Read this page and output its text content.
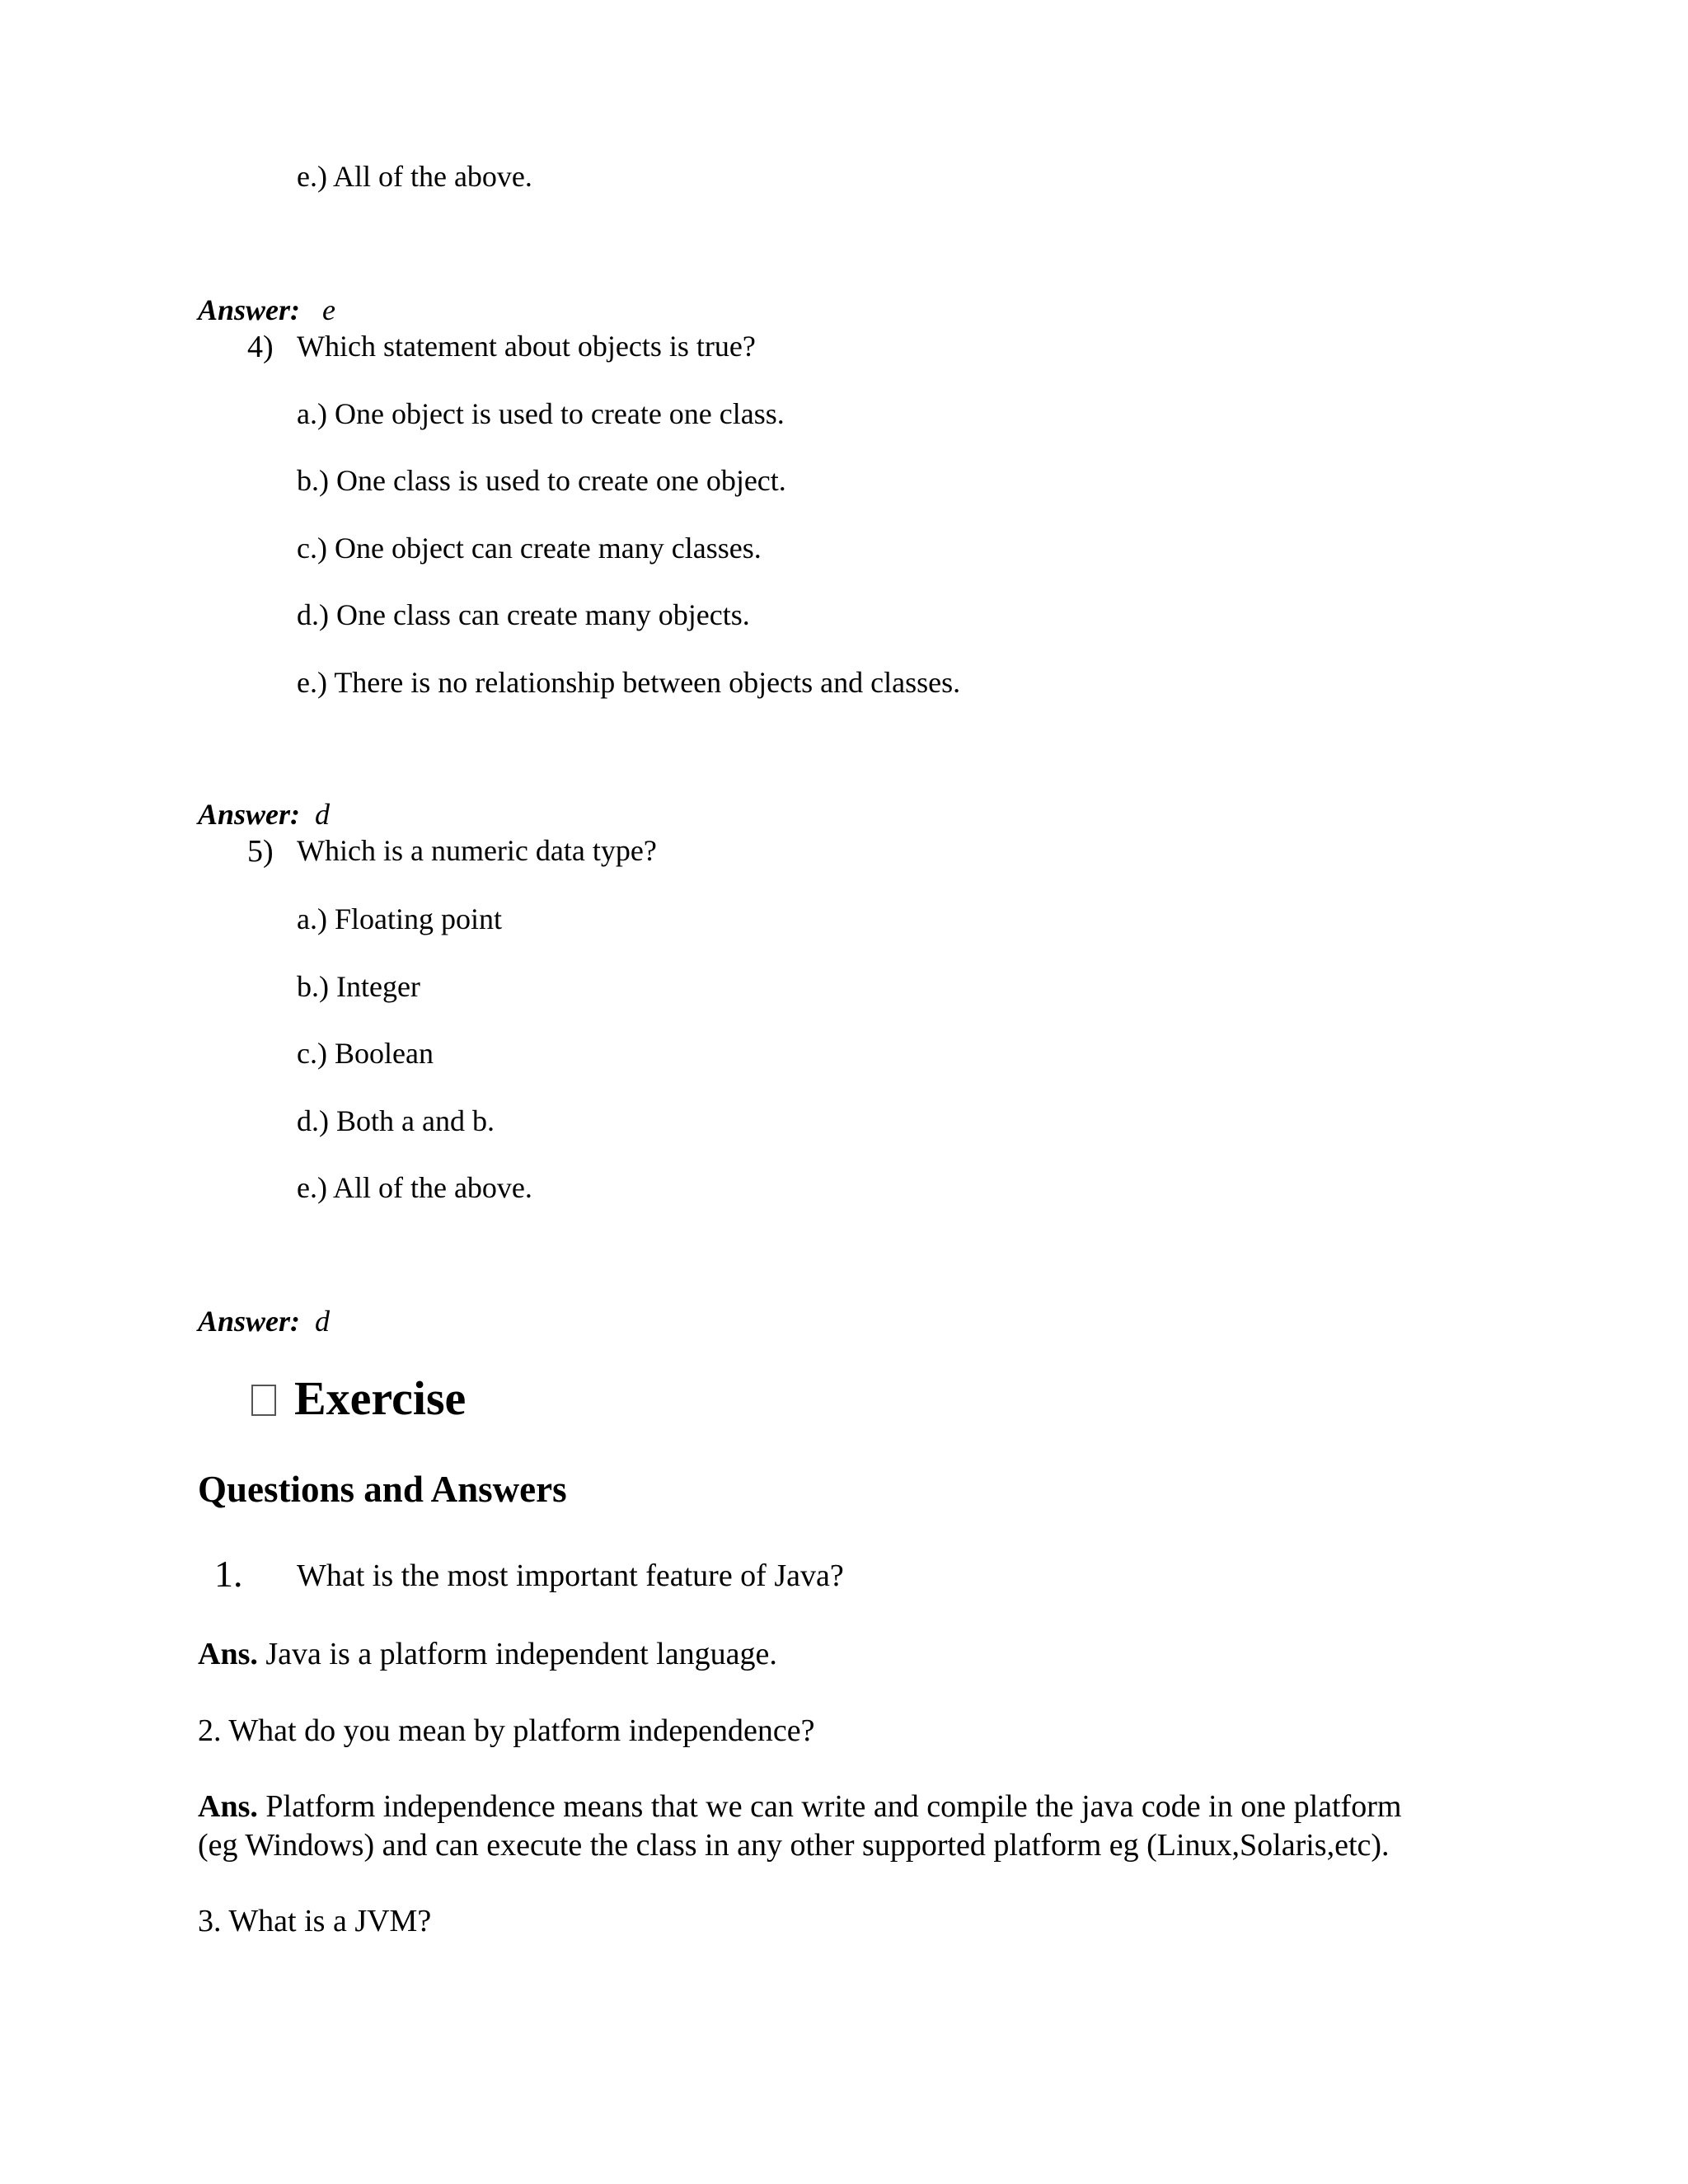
e.) All of the above.
Answer: e
4) Which statement about objects is true?
a.) One object is used to create one class.
b.) One class is used to create one object.
c.) One object can create many classes.
d.) One class can create many objects.
e.) There is no relationship between objects and classes.
Answer: d
5) Which is a numeric data type?
a.) Floating point
b.) Integer
c.) Boolean
d.) Both a and b.
e.) All of the above.
Answer: d
Exercise
Questions and Answers
1. What is the most important feature of Java?
Ans. Java is a platform independent language.
2. What do you mean by platform independence?
Ans. Platform independence means that we can write and compile the java code in one platform
(eg Windows) and can execute the class in any other supported platform eg (Linux,Solaris,etc).
3. What is a JVM?
